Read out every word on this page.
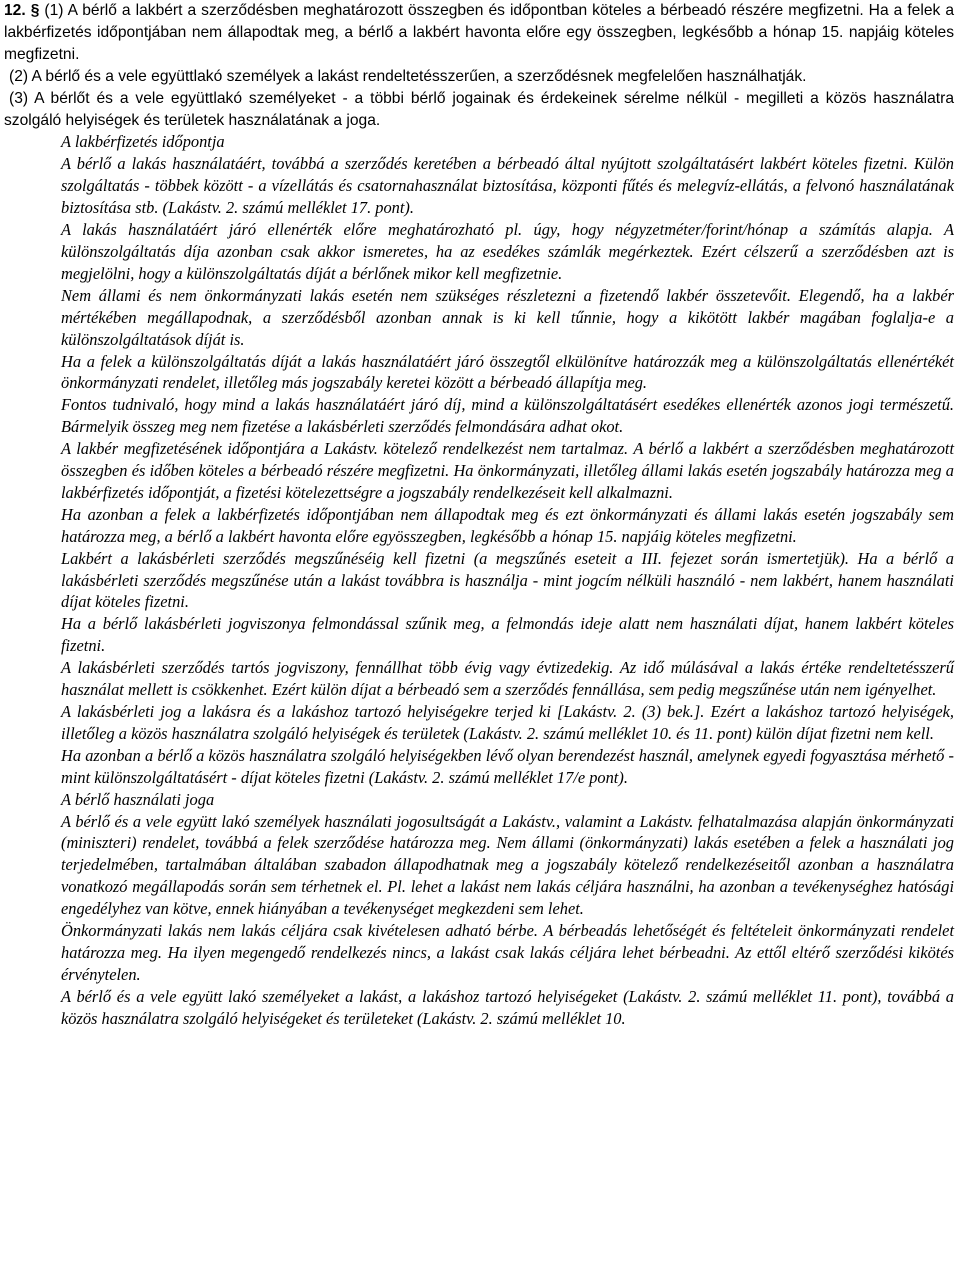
12. § (1) A bérlő a lakbért a szerződésben meghatározott összegben és időpontban köteles a bérbeadó részére megfizetni. Ha a felek a lakbérfizetés időpontjában nem állapodtak meg, a bérlő a lakbért havonta előre egy összegben, legkésőbb a hónap 15. napjáig köteles megfizetni.

(2) A bérlő és a vele együttlakó személyek a lakást rendeltetésszerűen, a szerződésnek megfelelően használhatják.

(3) A bérlőt és a vele együttlakó személyeket - a többi bérlő jogainak és érdekeinek sérelme nélkül - megilleti a közös használatra szolgáló helyiségek és területek használatának a joga.

A lakbérfizetés időpontja

A bérlő a lakás használatáért, továbbá a szerződés keretében a bérbeadó által nyújtott szolgáltatásért lakbért köteles fizetni. Külön szolgáltatás - többek között - a vízellátás és csatornahasználat biztosítása, központi fűtés és melegvíz-ellátás, a felvonó használatának biztosítása stb. (Lakástv. 2. számú melléklet 17. pont).

A lakás használatáért járó ellenérték előre meghatározható pl. úgy, hogy négyzetméter/forint/hónap a számítás alapja. A különszolgáltatás díja azonban csak akkor ismeretes, ha az esedékes számlák megérkeztek. Ezért célszerű a szerződésben azt is megjelölni, hogy a különszolgáltatás díját a bérlőnek mikor kell megfizetnie.

Nem állami és nem önkormányzati lakás esetén nem szükséges részletezni a fizetendő lakbér összetevőit. Elegendő, ha a lakbér mértékében megállapodnak, a szerződésből azonban annak is ki kell tűnnie, hogy a kikötött lakbér magában foglalja-e a különszolgáltatások díját is.

Ha a felek a különszolgáltatás díját a lakás használatáért járó összegtől elkülönítve határozzák meg a különszolgáltatás ellenértékét önkormányzati rendelet, illetőleg más jogszabály keretei között a bérbeadó állapítja meg.

Fontos tudnivaló, hogy mind a lakás használatáért járó díj, mind a különszolgáltatásért esedékes ellenérték azonos jogi természetű. Bármelyik összeg meg nem fizetése a lakásbérleti szerződés felmondására adhat okot.

A lakbér megfizetésének időpontjára a Lakástv. kötelező rendelkezést nem tartalmaz. A bérlő a lakbért a szerződésben meghatározott összegben és időben köteles a bérbeadó részére megfizetni. Ha önkormányzati, illetőleg állami lakás esetén jogszabály határozza meg a lakbérfizetés időpontját, a fizetési kötelezettségre a jogszabály rendelkezéseit kell alkalmazni.

Ha azonban a felek a lakbérfizetés időpontjában nem állapodtak meg és ezt önkormányzati és állami lakás esetén jogszabály sem határozza meg, a bérlő a lakbért havonta előre egyösszegben, legkésőbb a hónap 15. napjáig köteles megfizetni.

Lakbért a lakásbérleti szerződés megszűnéséig kell fizetni (a megszűnés eseteit a III. fejezet során ismertetjük). Ha a bérlő a lakásbérleti szerződés megszűnése után a lakást továbbra is használja - mint jogcím nélküli használó - nem lakbért, hanem használati díjat köteles fizetni.

Ha a bérlő lakásbérleti jogviszonya felmondással szűnik meg, a felmondás ideje alatt nem használati díjat, hanem lakbért köteles fizetni.

A lakásbérleti szerződés tartós jogviszony, fennállhat több évig vagy évtizedekig. Az idő múlásával a lakás értéke rendeltetésszerű használat mellett is csökkenhet. Ezért külön díjat a bérbeadó sem a szerződés fennállása, sem pedig megszűnése után nem igényelhet.

A lakásbérleti jog a lakásra és a lakáshoz tartozó helyiségekre terjed ki [Lakástv. 2. (3) bek.]. Ezért a lakáshoz tartozó helyiségek, illetőleg a közös használatra szolgáló helyiségek és területek (Lakástv. 2. számú melléklet 10. és 11. pont) külön díjat fizetni nem kell.

Ha azonban a bérlő a közös használatra szolgáló helyiségekben lévő olyan berendezést használ, amelynek egyedi fogyasztása mérhető - mint különszolgáltatásért - díjat köteles fizetni (Lakástv. 2. számú melléklet 17/e pont).

A bérlő használati joga

A bérlő és a vele együtt lakó személyek használati jogosultságát a Lakástv., valamint a Lakástv. felhatalmazása alapján önkormányzati (miniszteri) rendelet, továbbá a felek szerződése határozza meg. Nem állami (önkormányzati) lakás esetében a felek a használati jog terjedelmében, tartalmában általában szabadon állapodhatnak meg a jogszabály kötelező rendelkezéseitől azonban a használatra vonatkozó megállapodás során sem térhetnek el. Pl. lehet a lakást nem lakás céljára használni, ha azonban a tevékenységhez hatósági engedélyhez van kötve, ennek hiányában a tevékenységet megkezdeni sem lehet.

Önkormányzati lakás nem lakás céljára csak kivételesen adható bérbe. A bérbeadás lehetőségét és feltételeit önkormányzati rendelet határozza meg. Ha ilyen megengedő rendelkezés nincs, a lakást csak lakás céljára lehet bérbeadni. Az ettől eltérő szerződési kikötés érvénytelen.

A bérlő és a vele együtt lakó személyeket a lakást, a lakáshoz tartozó helyiségeket (Lakástv. 2. számú melléklet 11. pont), továbbá a közös használatra szolgáló helyiségeket és területeket (Lakástv. 2. számú melléklet 10.
